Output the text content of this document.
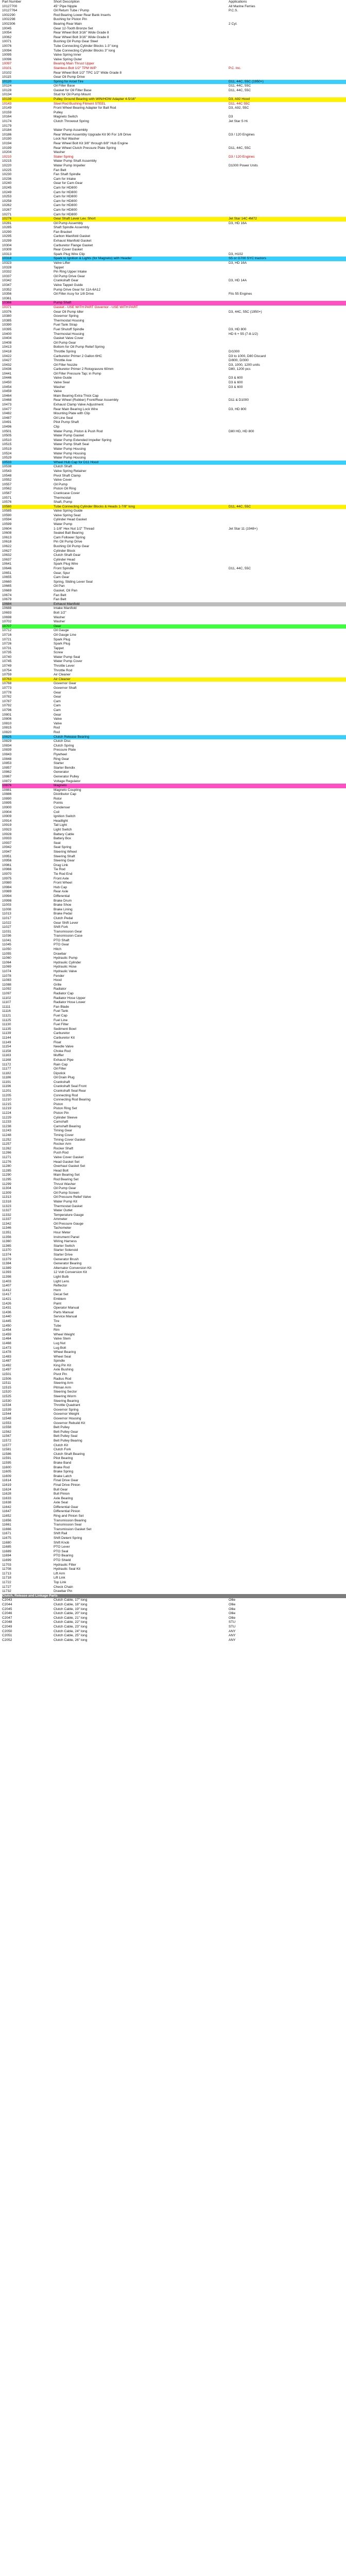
Part Number	Short Description	Applications
10127700	45° Pipe Nipple	All Marine Ferries
10127764	Oil Return Tube / Pump	P.C.S.
1002290	Rod Bearing Lower Rear Bank Inserts
1002298	Bushing for Piston Pin
1002306	Bearing Rear Main	2 Cyl.
10045	Gear 12-Tooth Bronze Set
10054	Rear Wheel Bolt 3/16" Wide Grade 8
10062	Rear Wheel Bolt 3/16" Wide Grade 8
10071	Bushing Oil Pump Gear Steel
10076	Tube Connecting Cylinder Blocks 1-3" long
10094	Tube Connecting Cylinder Blocks 3" long
10095	Valve Spring Inner
10096	Valve Spring Outer
10097	Bearing Main Thrust Upper
10101	Stainless Bolt 1/2" TPM W/P	P.C. Inc.
10102	Rear Wheel Bolt 1/2" TPC 1/2" Wide Grade 8
10115	Gear Oil Pump Drive
10120	Spring for Arcel Tire	D11, 44C, 55C (1950+)
10124	Oil Filter Base	D11, 44C, 55C
10128	Gasket for Oil Filter Base	D11, 44C, 55C
10134	Stud for Oil Pump Mount
10139	Pulley Ground Bearing with WIN/HOW Adapter 4-5/16"	D3, A92 Hood
10143	Steel Rod Bushing Fitment STEEL	D11, 44C 55C
10149	Front Wheel Bearing Adapter for Ball Rod	D3, A92, 55C
10159	Pulley
10164	Magneto Switch	D3
10174	Clutch Throwout Spring	Jet Star S Hi
10179
10184	Water Pump Assembly
10186	Rear Wheel Assembly Upgrade Kit 90 For 1/8 Drive	D3 / 120 Engines
10190	Lock Nut Washer
10194	Rear Wheel Bolt Kit 3/8" through 8/8" Hub Engine
10199	Rear Wheel Clutch Pressure Plate Spring	D11, 44C, 55C
10204	Washer
10210	Stater Spring	D3 / 120 Engines
10215	Water Pump Shaft Assembly
10220	Water Pump Impeller	D1000 Power Units
10225	Fan Belt
10230	Fan Shaft Spindle
10236	Cam for Intake
10240	Gear for Cam Gear
10245	Cam for HD800
10249	Cam for HD800
10253	Cam for HD800
10258	Cam for HD800
10262	Cam for HD800
10267	Cam for HD800
10271	Cam for HD800
10276	Gear Shaft Lever Lev. Short	Jet Star 14C 4M72
10281	Oil Pump Assembly	D3, HD 16A
10285	Shaft Spindle Assembly
10290	Fan Bracket
10295	Carbon Manifold Gasket
10299	Exhaust Manifold Gasket
10304	Carburetor Flange Gasket
10309	Rear Cover Gasket
10313	Spark Plug Wire Clip	D3, H102
10318	Spark to Ignition & Lights (for Magneto) with Header	S5 or G700 SYC tractors
10323	Valve Lifter	D3, HD 16A
10328	Tappet
10332	Pin Ring Upper Intake
10337	Oil Pump Drive Gear
10342	Crankshaft Gear	D3, HD 14A
10347	Valve Tappet Guide
10352	Pump Drive Gear for 11A-6A12
10356	Oil Filter Assy for 1/8 Drive	Fits 55 Engines
10361
10366	Pump Shaft
10371	Gasket - USE WITH PART Governor - USE WITH PART
10376	Gear Oil Pump Idler	D3, 44C, 55C (1950+)
10380	Governor Spring
10385	Thermostat Housing
10390	Fuel Tank Strap
10395	Fuel Shutoff Spindle	D3, HD 800
10400	Thermostat Housing	HD 6 + 55 (7-8-1/2)
10404	Gasket Valve Cover
10408	Oil Pump Gear
10413	Bottom for Oil Pump Relief Spring
10418	Throttle Spring	D/1000
10422	Carburetor Primer 2 Gallon 6HC	D3 to 1000, D80 Discard
10427	Throttle Axe	D/800, D/300
10432	Oil Filler Nozzle	D3, 1000, 1200 units
10436	Carburetor Primer 2 Rotogravure 60mm	D80, 1200 pcs
10441	Oil Filler Pressure Tap; in Pump
10446	Valve Guide	D3 & 600
10450	Valve Seal	D3 & 600
10454	Washer	D3 & 600
10459	Valve
10464	Main Bearing Extra Thick Cap
10468	Rear Wheel (Rubber) Front/Rear Assembly	D11 & D1000
10473	Exhaust Clamp Valve Adjustment
10477	Rear Main Bearing Lock Wire	D3, HD 800
10482	Mounting Plate with Clip
10487	Oil Line Seal
10491	Pilot Pump Shaft
10496	Clip
10501	Water Pump, Piston & Push Rod	D80 HD, HD 800
10505	Water Pump Gasket
10510	Water Pump Extended Impeller Spring
10515	Water Pump Shaft Seal
10519	Water Pump Housing
10524	Water Pump Housing
10529	Water Pump Housing
10533	Wheel Hub Cap for D11 Hood
10538	Clutch Shaft
10543	Valve Spring Retainer
10548	Pivot Shaft Clamp
10552	Valve Cover
10557	Oil Pump
10562	Piston Oil Ring
10567	Crankcase Cover
10571	Thermostat
10576	Shaft, Pump
10580	Tube Connecting Cylinder Blocks & Heads 1-7/8" long	D11, 44C, 55C
10585	Valve Spring Guide
10590	Valve Spring Seat
10594	Cylinder Head Gasket
10599	Water Pump
10604	1-1/8" Hex Nut 1/2" Thread	Jet Star 11 (1948+)
10608	Sealed Ball Bearing
10613	Cam Follower Spring
10618	Pin Oil Pump Drive
10622	Bushing Oil Pump Gear
10627	Cylinder Block
10632	Clutch Shaft Gear
10637	Cylinder Head
10641	Spark Plug Wire
10646	Front Spindle	D11, 44C, 55C
10651	Gear, Spur
10655	Cam Gear
10660	Spring, Sliding Lever Seal
10665	Oil Pan
10669	Gasket, Oil Pan
10674	Fan Belt
10679	Fan Belt
10684	Exhaust Manifold
10688	Intake Manifold
10693	Bolt 1/2"
10698	Washer
10702	Washer
10707	Gear
10712	Oil Gauge
10716	Oil Gauge Line
10721	Spark Plug
10726	Spark Plug
10731	Tappet
10735	Screw
10740	Water Pump Seal
10745	Water Pump Cover
10749	Throttle Lever
10754	Throttle Rod
10759	Air Cleaner
10763	Air Cleaner
10768	Governor Gear
10773	Governor Shaft
10778	Gear
10782	Gear
10787	Cam
10792	Cam
10796	Cam
10801	Gear
10806	Valve
10810	Valve
10815	Rod
10820	Rod
10825	Clutch Release Bearing
10829	Clutch Disc
10834	Clutch Spring
10839	Pressure Plate
10843	Flywheel
10848	Ring Gear
10853	Starter
10857	Starter Bendix
10862	Generator
10867	Generator Pulley
10872	Voltage Regulator
10876	Magneto
10881	Magneto Coupling
10886	Distributor Cap
10890	Rotor
10895	Points
10900	Condenser
10904	Coil
10909	Ignition Switch
10914	Headlight
10919	Tail Light
10923	Light Switch
10928	Battery Cable
10933	Battery Box
10937	Seat
10942	Seat Spring
10947	Steering Wheel
10951	Steering Shaft
10956	Steering Gear
10961	Drag Link
10966	Tie Rod
10970	Tie Rod End
10975	Front Axle
10980	Front Wheel
10984	Hub Cap
10989	Rear Axle
10994	Differential
10998	Brake Drum
11003	Brake Shoe
11008	Brake Lining
11013	Brake Pedal
11017	Clutch Pedal
11022	Gear Shift Lever
11027	Shift Fork
11031	Transmission Gear
11036	Transmission Case
11041	PTO Shaft
11045	PTO Gear
11050	Hitch
11055	Drawbar
11060	Hydraulic Pump
11064	Hydraulic Cylinder
11069	Hydraulic Hose
11074	Hydraulic Valve
11078	Fender
11083	Hood
11088	Grille
11092	Radiator
11097	Radiator Cap
11102	Radiator Hose Upper
11107	Radiator Hose Lower
11111	Fan Blade
11116	Fuel Tank
11121	Fuel Cap
11125	Fuel Line
11130	Fuel Filter
11135	Sediment Bowl
11139	Carburetor
11144	Carburetor Kit
11149	Float
11154	Needle Valve
11158	Choke Rod
11163	Muffler
11168	Exhaust Pipe
11172	Rain Cap
11177	Oil Filter
11182	Dipstick
11186	Oil Drain Plug
11191	Crankshaft
11196	Crankshaft Seal Front
11201	Crankshaft Seal Rear
11205	Connecting Rod
11210	Connecting Rod Bearing
11215	Piston
11219	Piston Ring Set
11224	Piston Pin
11229	Cylinder Sleeve
11233	Camshaft
11238	Camshaft Bearing
11243	Timing Gear
11248	Timing Cover
11252	Timing Cover Gasket
11257	Rocker Arm
11262	Rocker Shaft
11266	Push Rod
11271	Valve Cover Gasket
11276	Head Gasket Set
11280	Overhaul Gasket Set
11285	Head Bolt
11290	Main Bearing Set
11295	Rod Bearing Set
11299	Thrust Washer
11304	Oil Pump Gear
11309	Oil Pump Screen
11313	Oil Pressure Relief Valve
11318	Water Pump Kit
11323	Thermostat Gasket
11327	Water Outlet
11332	Temperature Gauge
11337	Ammeter
11342	Oil Pressure Gauge
11346	Tachometer
11351	Hour Meter
11356	Instrument Panel
11360	Wiring Harness
11365	Starter Switch
11370	Starter Solenoid
11374	Starter Drive
11379	Generator Brush
11384	Generator Bearing
11389	Alternator Conversion Kit
11393	12 Volt Conversion Kit
11398	Light Bulb
11403	Light Lens
11407	Reflector
11412	Horn
11417	Decal Set
11421	Emblem
11426	Paint
11431	Operator Manual
11436	Parts Manual
11440	Service Manual
11445	Tire
11450	Tube
11454	Rim
11459	Wheel Weight
11464	Valve Stem
11468	Lug Nut
11473	Lug Bolt
11478	Wheel Bearing
11483	Wheel Seal
11487	Spindle
11492	King Pin Kit
11497	Axle Bushing
11501	Pivot Pin
11506	Radius Rod
11511	Steering Arm
11515	Pitman Arm
11520	Steering Sector
11525	Steering Worm
11530	Steering Bearing
11534	Throttle Quadrant
11539	Governor Spring
11544	Governor Weight
11548	Governor Housing
11553	Governor Rebuild Kit
11558	Belt Pulley
11562	Belt Pulley Gear
11567	Belt Pulley Seal
11572	Belt Pulley Bearing
11577	Clutch Kit
11581	Clutch Fork
11586	Clutch Shaft Bearing
11591	Pilot Bearing
11595	Brake Band
11600	Brake Rod
11605	Brake Spring
11609	Brake Latch
11614	Final Drive Gear
11619	Final Drive Pinion
11624	Bull Gear
11628	Bull Pinion
11633	Axle Bearing
11638	Axle Seal
11642	Differential Gear
11647	Differential Pinion
11652	Ring and Pinion Set
11656	Transmission Bearing
11661	Transmission Seal
11666	Transmission Gasket Set
11671	Shift Rail
11675	Shift Detent Spring
11680	Shift Knob
11685	PTO Lever
11689	PTO Seal
11694	PTO Bearing
11699	PTO Shield
11703	Hydraulic Filter
11708	Hydraulic Seal Kit
11713	Lift Arm
11718	Lift Link
11722	Top Link
11727	Check Chain
11732	Drawbar Pin
Clutch, Release and Linkage Parts
C2043	Clutch Cable, 17" long	Ollie
C2044	Clutch Cable, 18" long	Ollie
C2045	Clutch Cable, 19" long	Ollie
C2046	Clutch Cable, 20" long	Ollie
C2047	Clutch Cable, 21" long	Ollie
C2048	Clutch Cable, 22" long	STU
C2049	Clutch Cable, 23" long	STU
C2050	Clutch Cable, 24" long	ANY
C2051	Clutch Cable, 25" long	ANY
C2052	Clutch Cable, 26" long	ANY
